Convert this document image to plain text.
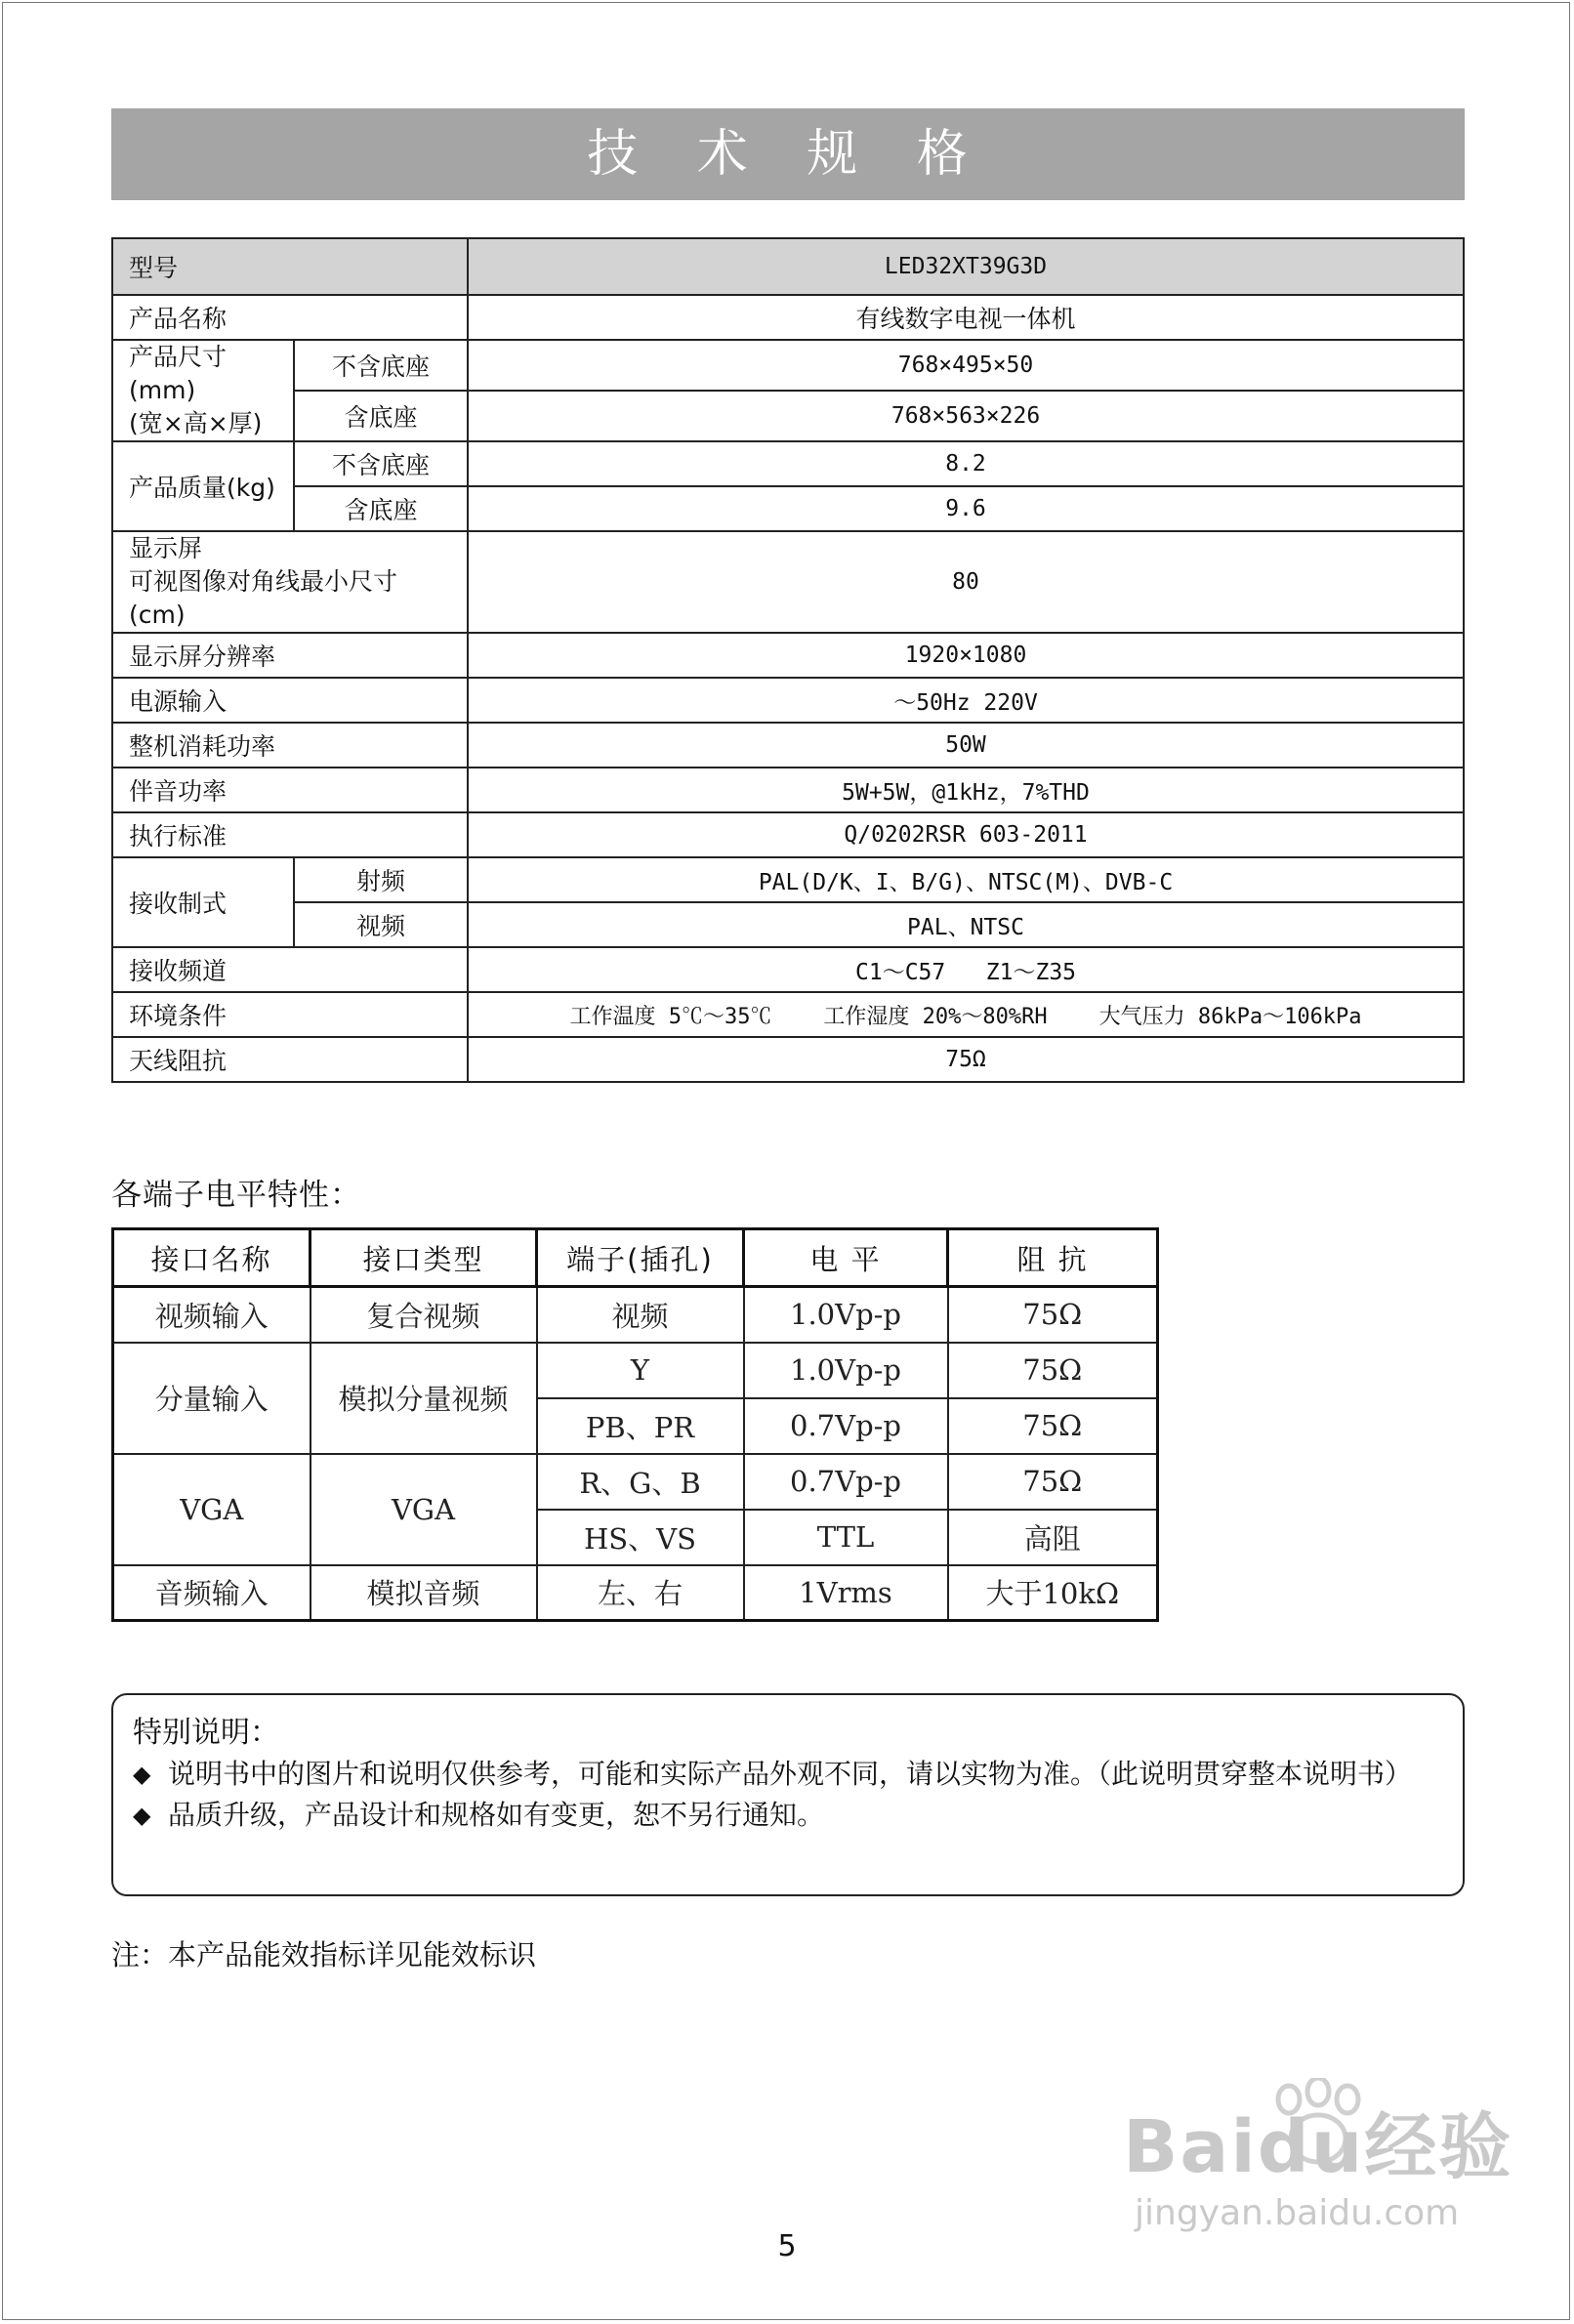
技 术 规 格
型号		LED32XT39G3D
产品名称		有线数字电视一体机
产品尺寸(mm)
(宽×高×厚)	不含底座	768×495×50
	含底座	768×563×226
产品质量(kg)	不含底座	8.2
	含底座	9.6
显示屏
可视图像对角线最小尺寸(cm)		80
显示屏分辨率		1920×1080
电源输入		～50Hz 220V
整机消耗功率		50W
伴音功率		5W+5W，@1kHz，7%THD
执行标准		Q/0202RSR 603-2011
接收制式	射频	PAL(D/K、I、B/G)、NTSC(M)、DVB-C
	视频	PAL、NTSC
接收频道		C1～C57   Z1～Z35
环境条件		工作温度 5℃～35℃    工作湿度 20%～80%RH    大气压力 86kPa～106kPa
天线阻抗		75Ω
各端子电平特性：
接口名称	接口类型	端子(插孔)	电 平	阻 抗
视频输入	复合视频	视频	1.0Vp-p	75Ω
分量输入	模拟分量视频	Y	1.0Vp-p	75Ω
		PB、PR	0.7Vp-p	75Ω
VGA	VGA	R、G、B	0.7Vp-p	75Ω
		HS、VS	TTL	高阻
音频输入	模拟音频	左、右	1Vrms	大于10kΩ
特别说明：
◆ 说明书中的图片和说明仅供参考，可能和实际产品外观不同，请以实物为准。（此说明贯穿整本说明书）
◆ 品质升级，产品设计和规格如有变更，恕不另行通知。
注：本产品能效指标详见能效标识
5
Baidu经验
jingyan.baidu.com
